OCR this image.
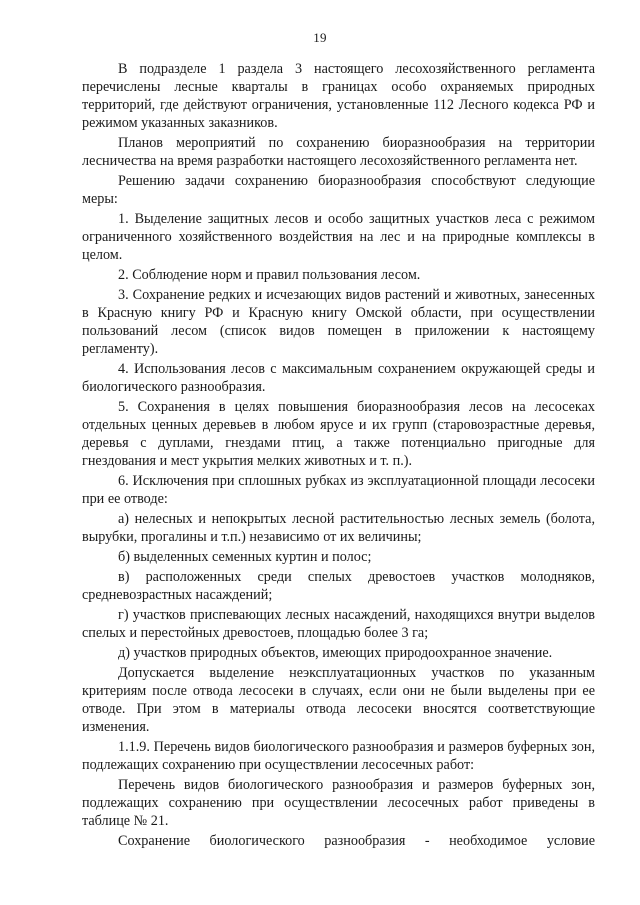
19

В подразделе 1 раздела 3 настоящего лесохозяйственного регламента перечислены лесные кварталы в границах особо охраняемых природных территорий, где действуют ограничения, установленные 112 Лесного кодекса РФ и режимом указанных заказников.

Планов мероприятий по сохранению биоразнообразия на территории лесничества на время разработки настоящего лесохозяйственного регламента нет.

Решению задачи сохранению биоразнообразия способствуют следующие меры:

1. Выделение защитных лесов и особо защитных участков леса с режимом ограниченного хозяйственного воздействия на лес и на природные комплексы в целом.

2. Соблюдение норм и правил пользования лесом.

3. Сохранение редких и исчезающих видов растений и животных, занесенных в Красную книгу РФ и Красную книгу Омской области, при осуществлении пользований лесом (список видов помещен в приложении к настоящему регламенту).

4. Использования лесов с максимальным сохранением окружающей среды и биологического разнообразия.

5. Сохранения в целях повышения биоразнообразия лесов на лесосеках отдельных ценных деревьев в любом ярусе и их групп (старовозрастные деревья, деревья с дуплами, гнездами птиц, а также потенциально пригодные для гнездования и мест укрытия мелких животных и т. п.).

6. Исключения при сплошных рубках из эксплуатационной площади лесосеки при ее отводе:

а) нелесных и непокрытых лесной растительностью лесных земель (болота, вырубки, прогалины и т.п.) независимо от их величины;

б) выделенных семенных куртин и полос;

в) расположенных среди спелых древостоев участков молодняков, средневозрастных насаждений;

г) участков приспевающих лесных насаждений, находящихся внутри выделов спелых и перестойных древостоев, площадью более 3 га;

д) участков природных объектов, имеющих природоохранное значение.

Допускается выделение неэксплуатационных участков по указанным критериям после отвода лесосеки в случаях, если они не были выделены при ее отводе. При этом в материалы отвода лесосеки вносятся соответствующие изменения.

1.1.9. Перечень видов биологического разнообразия и размеров буферных зон, подлежащих сохранению при осуществлении лесосечных работ:

Перечень видов биологического разнообразия и размеров буферных зон, подлежащих сохранению при осуществлении лесосечных работ приведены в таблице № 21.

Сохранение биологического разнообразия - необходимое условие
